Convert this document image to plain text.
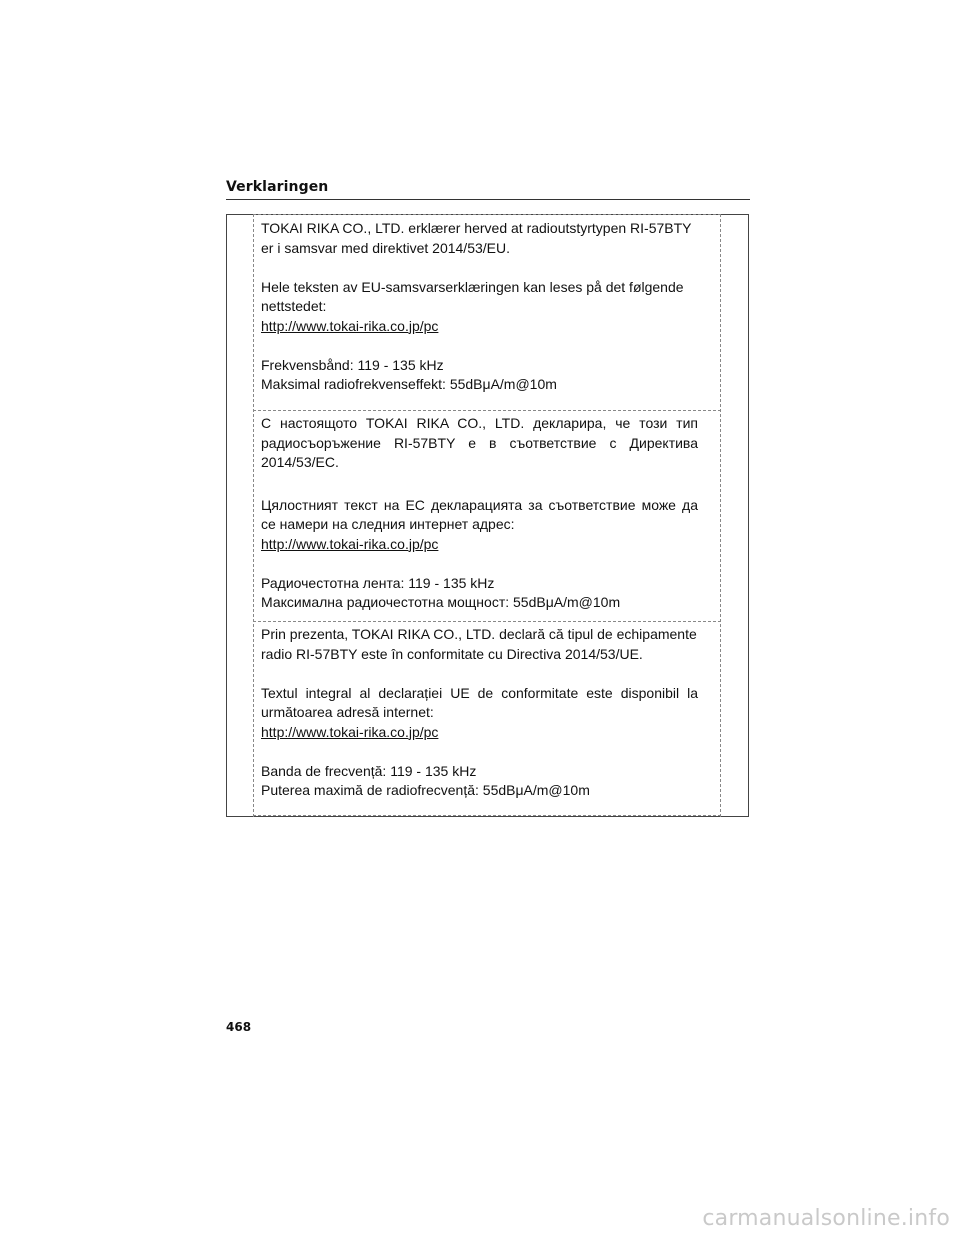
Verklaringen

TOKAI RIKA CO., LTD. erklærer herved at radioutstyrtypen RI-57BTY

er i samsvar med direktivet 2014/53/EU.

Hele teksten av EU-samsvarserklæringen kan leses på det følgende

nettstedet:

http://www.tokai-rika.co.jp/pc

Frekvensbånd: 119 - 135 kHz

Maksimal radiofrekvenseffekt: 55dBμA/m@10m

С настоящото TOKAI RIKA CO., LTD. декларира, че този тип

радиосъоръжение RI-57BTY е в съответствие с Директива

2014/53/ЕС.

Цялостният текст на ЕС декларацията за съответствие може да

се намери на следния интернет адрес:

http://www.tokai-rika.co.jp/pc

Радиочестотна лента: 119 - 135 kHz

Максимална радиочестотна мощност: 55dBμA/m@10m

Prin prezenta, TOKAI RIKA CO., LTD. declară că tipul de echipamente

radio RI-57BTY este în conformitate cu Directiva 2014/53/UE.

Textul integral al declarației UE de conformitate este disponibil la

următoarea adresă internet:

http://www.tokai-rika.co.jp/pc

Banda de frecvență: 119 - 135 kHz

Puterea maximă de radiofrecvență: 55dBμA/m@10m

468

carmanualsonline.info
